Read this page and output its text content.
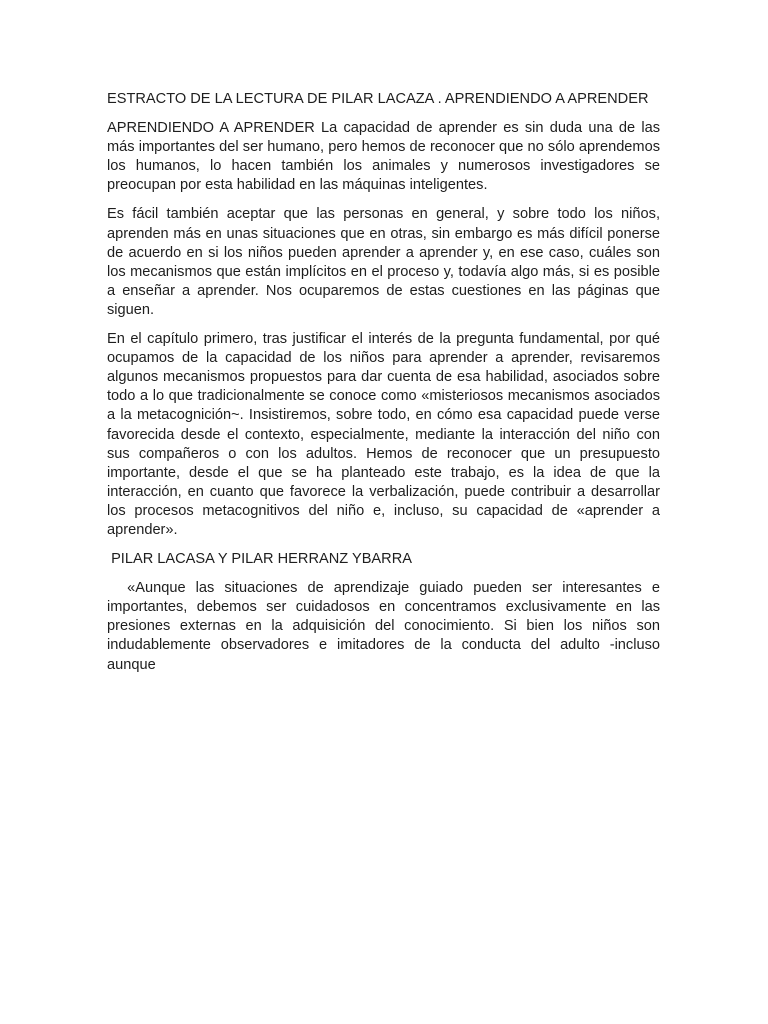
ESTRACTO DE LA LECTURA DE PILAR LACAZA . APRENDIENDO A APRENDER

APRENDIENDO A APRENDER La capacidad de aprender es sin duda una de las más importantes del ser humano, pero hemos de reconocer que no sólo aprendemos los humanos, lo hacen también los animales y numerosos investigadores se preocupan por esta habilidad en las máquinas inteligentes.

Es fácil también aceptar que las personas en general, y sobre todo los niños, aprenden más en unas situaciones que en otras, sin embargo es más difícil ponerse de acuerdo en si los niños pueden aprender a aprender y, en ese caso, cuáles son los mecanismos que están implícitos en el proceso y, todavía algo más, si es posible a enseñar a aprender. Nos ocuparemos de estas cuestiones en las páginas que siguen.

En el capítulo primero, tras justificar el interés de la pregunta fundamental, por qué ocupamos de la capacidad de los niños para aprender a aprender, revisaremos algunos mecanismos propuestos para dar cuenta de esa habilidad, asociados sobre todo a lo que tradicionalmente se conoce como «misteriosos mecanismos asociados a la metacognición~. Insistiremos, sobre todo, en cómo esa capacidad puede verse favorecida desde el contexto, especialmente, mediante la interacción del niño con sus compañeros o con los adultos. Hemos de reconocer que un presupuesto importante, desde el que se ha planteado este trabajo, es la idea de que la interacción, en cuanto que favorece la verbalización, puede contribuir a desarrollar los procesos metacognitivos del niño e, incluso, su capacidad de «aprender a aprender».

PILAR LACASA Y PILAR HERRANZ YBARRA

«Aunque las situaciones de aprendizaje guiado pueden ser interesantes e importantes, debemos ser cuidadosos en concentramos exclusivamente en las presiones externas en la adquisición del conocimiento. Si bien los niños son indudablemente observadores e imitadores de la conducta del adulto -incluso aunque
